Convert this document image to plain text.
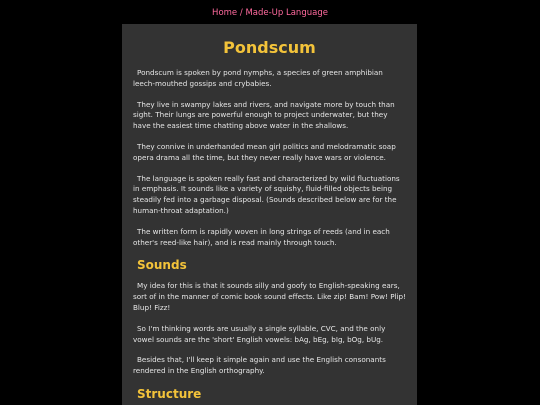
Home / Made-Up Language
Pondscum

Pondscum is spoken by pond nymphs, a species of green amphibian leech-mouthed gossips and crybabies.

They live in swampy lakes and rivers, and navigate more by touch than sight. Their lungs are powerful enough to project underwater, but they have the easiest time chatting above water in the shallows.

They connive in underhanded mean girl politics and melodramatic soap opera drama all the time, but they never really have wars or violence.

The language is spoken really fast and characterized by wild fluctuations in emphasis. It sounds like a variety of squishy, fluid-filled objects being steadily fed into a garbage disposal. (Sounds described below are for the human-throat adaptation.)

The written form is rapidly woven in long strings of reeds (and in each other's reed-like hair), and is read mainly through touch.

Sounds

My idea for this is that it sounds silly and goofy to English-speaking ears, sort of in the manner of comic book sound effects. Like zip! Bam! Pow! Plip! Blup! Fizz!

So I'm thinking words are usually a single syllable, CVC, and the only vowel sounds are the 'short' English vowels: bAg, bEg, bIg, bOg, bUg.

Besides that, I'll keep it simple again and use the English consonants rendered in the English orthography.

Structure
